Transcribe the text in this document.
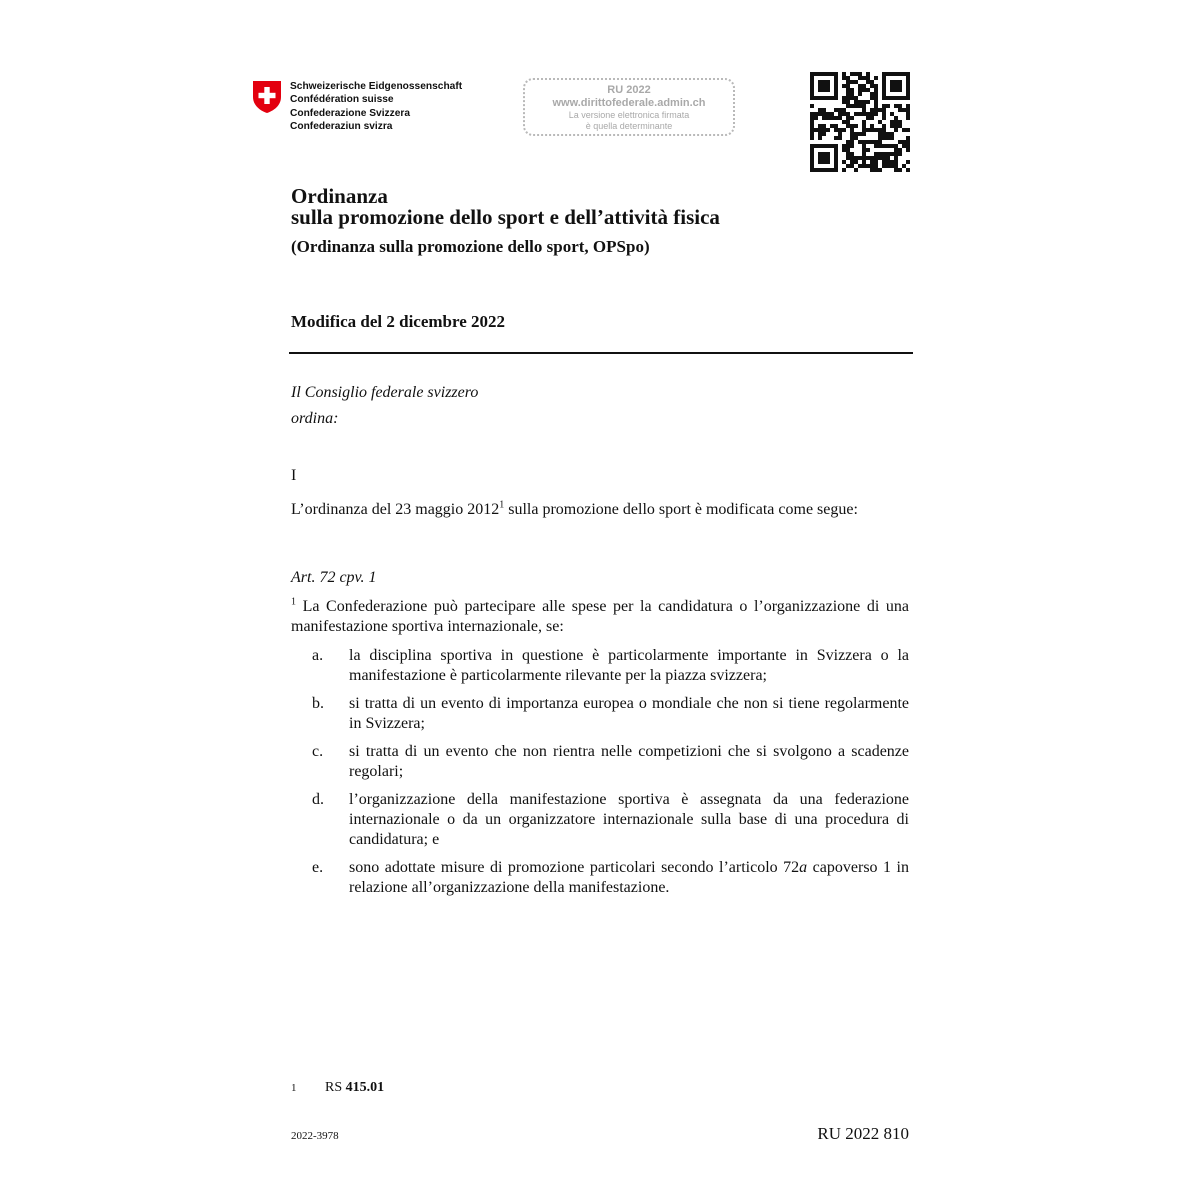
Schweizerische Eidgenossenschaft
Confédération suisse
Confederazione Svizzera
Confederaziun svizra
RU 2022
www.dirittofederale.admin.ch
La versione elettronica firmata
è quella determinante
Ordinanza
sulla promozione dello sport e dell’attività fisica
(Ordinanza sulla promozione dello sport, OPSpo)
Modifica del 2 dicembre 2022
Il Consiglio federale svizzero
ordina:
I
L’ordinanza del 23 maggio 2012$^1$ sulla promozione dello sport è modificata come segue:
Art. 72 cpv. 1
$^1$ La Confederazione può partecipare alle spese per la candidatura o l’organizzazione di una manifestazione sportiva internazionale, se:
a.	la disciplina sportiva in questione è particolarmente importante in Svizzera o la manifestazione è particolarmente rilevante per la piazza svizzera;
b.	si tratta di un evento di importanza europea o mondiale che non si tiene regolarmente in Svizzera;
c.	si tratta di un evento che non rientra nelle competizioni che si svolgono a scadenze regolari;
d.	l’organizzazione della manifestazione sportiva è assegnata da una federazione internazionale o da un organizzatore internazionale sulla base di una procedura di candidatura; e
e.	sono adottate misure di promozione particolari secondo l’articolo 72a capoverso 1 in relazione all’organizzazione della manifestazione.
1 RS 415.01
2022-3978	RU 2022 810
